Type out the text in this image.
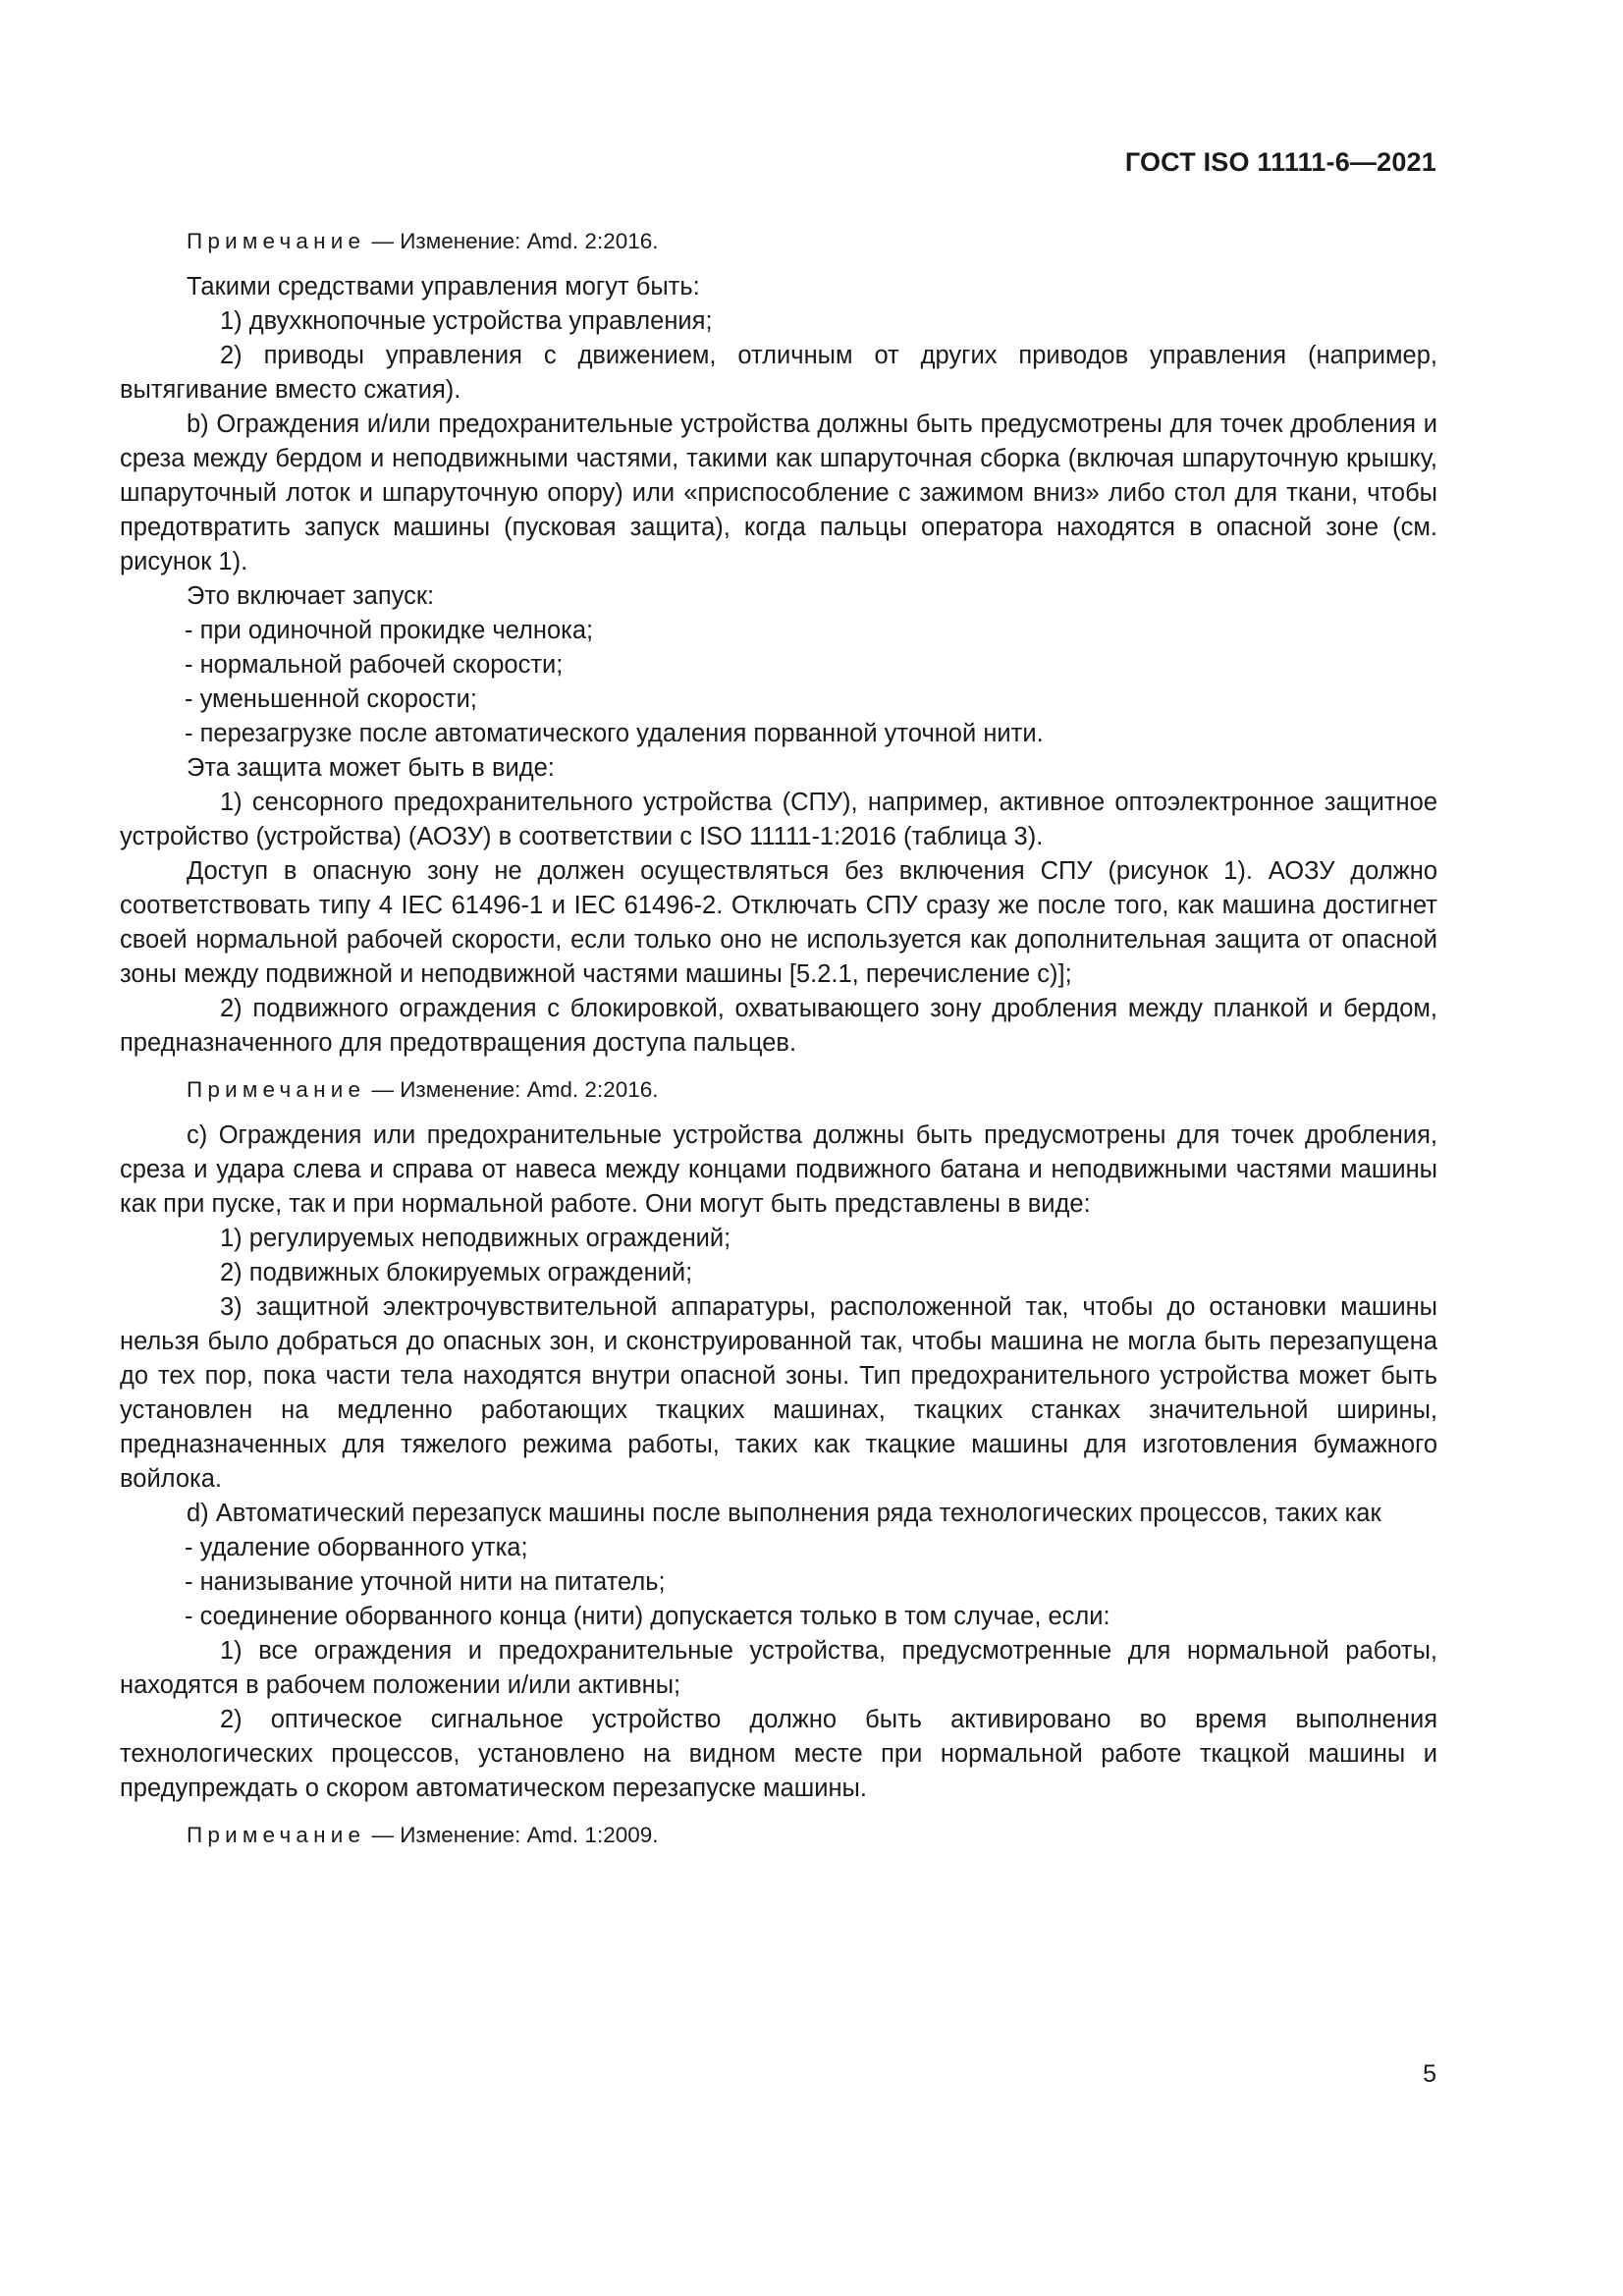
ГОСТ ISO 11111-6—2021

Примечание — Изменение: Amd. 2:2016.

Такими средствами управления могут быть:

1) двухкнопочные устройства управления;

2) приводы управления с движением, отличным от других приводов управления (например, вытягивание вместо сжатия).

b) Ограждения и/или предохранительные устройства должны быть предусмотрены для точек дробления и среза между бердом и неподвижными частями, такими как шпаруточная сборка (включая шпаруточную крышку, шпаруточный лоток и шпаруточную опору) или «приспособление с зажимом вниз» либо стол для ткани, чтобы предотвратить запуск машины (пусковая защита), когда пальцы оператора находятся в опасной зоне (см. рисунок 1).

Это включает запуск:

- при одиночной прокидке челнока;

- нормальной рабочей скорости;

- уменьшенной скорости;

- перезагрузке после автоматического удаления порванной уточной нити.

Эта защита может быть в виде:

1) сенсорного предохранительного устройства (СПУ), например, активное оптоэлектронное защитное устройство (устройства) (АОЗУ) в соответствии с ISO 11111-1:2016 (таблица 3).

Доступ в опасную зону не должен осуществляться без включения СПУ (рисунок 1). АОЗУ должно соответствовать типу 4 IEC 61496-1 и IEC 61496-2. Отключать СПУ сразу же после того, как машина достигнет своей нормальной рабочей скорости, если только оно не используется как дополнительная защита от опасной зоны между подвижной и неподвижной частями машины [5.2.1, перечисление c)];

2) подвижного ограждения с блокировкой, охватывающего зону дробления между планкой и бердом, предназначенного для предотвращения доступа пальцев.

Примечание — Изменение: Amd. 2:2016.

c) Ограждения или предохранительные устройства должны быть предусмотрены для точек дробления, среза и удара слева и справа от навеса между концами подвижного батана и неподвижными частями машины как при пуске, так и при нормальной работе. Они могут быть представлены в виде:

1) регулируемых неподвижных ограждений;

2) подвижных блокируемых ограждений;

3) защитной электрочувствительной аппаратуры, расположенной так, чтобы до остановки машины нельзя было добраться до опасных зон, и сконструированной так, чтобы машина не могла быть перезапущена до тех пор, пока части тела находятся внутри опасной зоны. Тип предохранительного устройства может быть установлен на медленно работающих ткацких машинах, ткацких станках значительной ширины, предназначенных для тяжелого режима работы, таких как ткацкие машины для изготовления бумажного войлока.

d) Автоматический перезапуск машины после выполнения ряда технологических процессов, таких как

- удаление оборванного утка;

- нанизывание уточной нити на питатель;

- соединение оборванного конца (нити) допускается только в том случае, если:

1) все ограждения и предохранительные устройства, предусмотренные для нормальной работы, находятся в рабочем положении и/или активны;

2) оптическое сигнальное устройство должно быть активировано во время выполнения технологических процессов, установлено на видном месте при нормальной работе ткацкой машины и предупреждать о скором автоматическом перезапуске машины.

Примечание — Изменение: Amd. 1:2009.

5
